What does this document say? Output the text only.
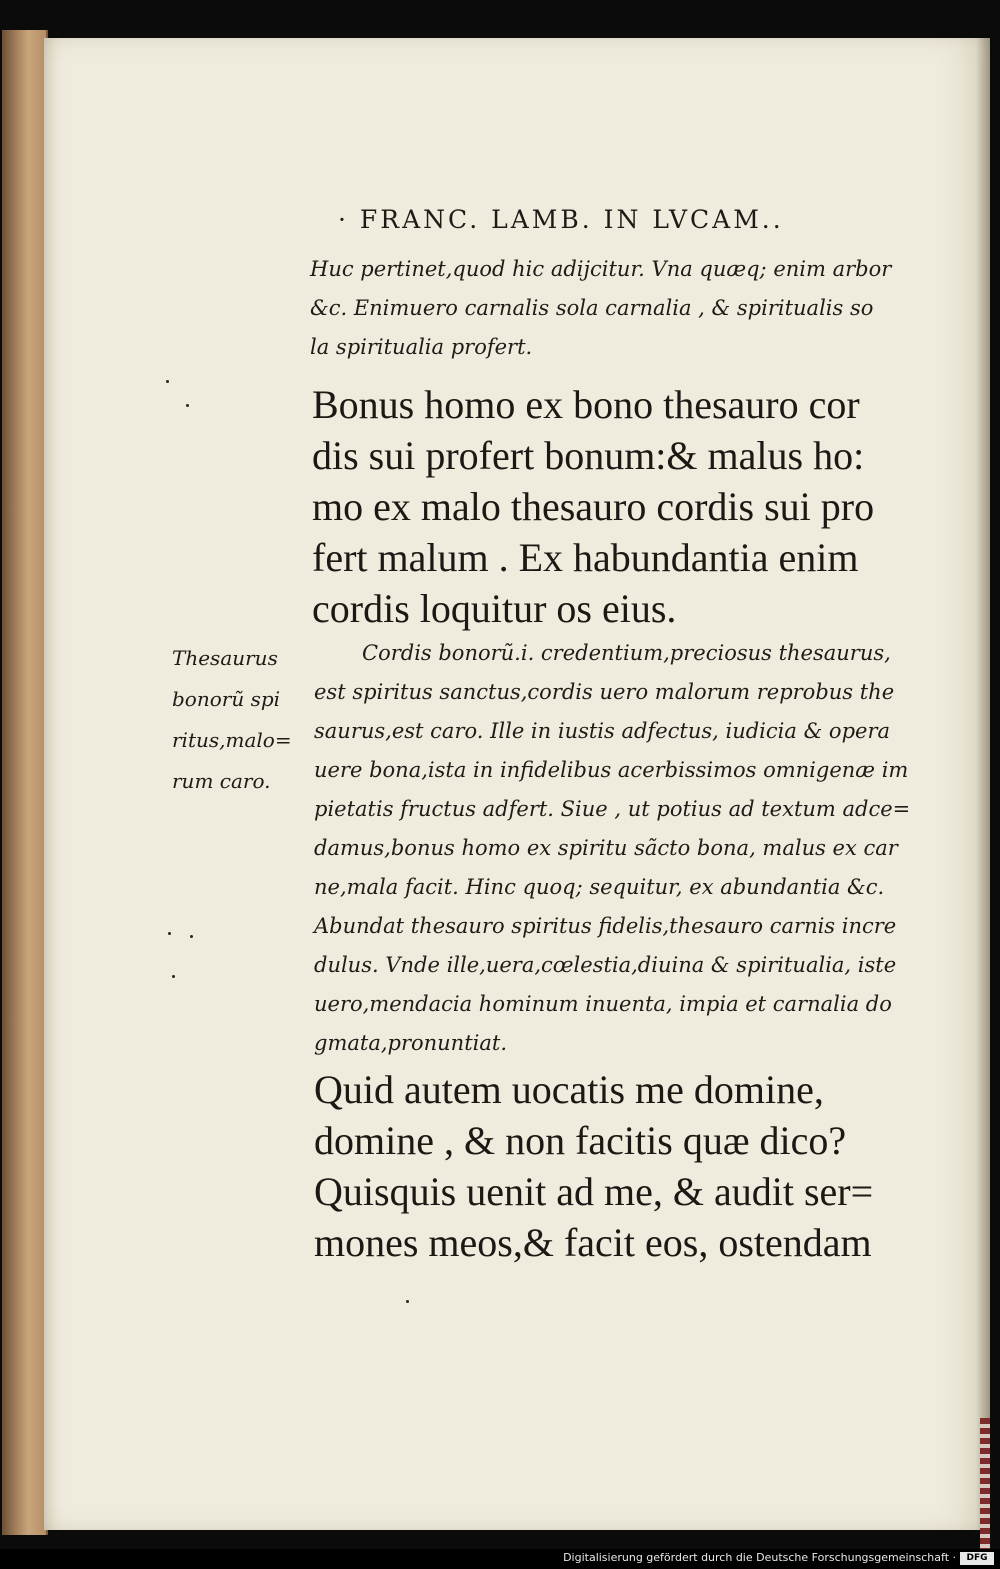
· FRANC. LAMB. IN LVCAM..
Huc pertinet,quod hic adijcitur. Vna quæq; enim arbor
&c. Enimuero carnalis sola carnalia , & spiritualis so
la spiritualia profert.
Bonus homo ex bono thesauro cor
dis sui profert bonum:& malus ho:
mo ex malo thesauro cordis sui pro
fert malum . Ex habundantia enim
cordis loquitur os eius.
Thesaurus
bonorũ spi
ritus,malo=
rum caro.
Cordis bonorũ.i. credentium,preciosus thesaurus,
est spiritus sanctus,cordis uero malorum reprobus the
saurus,est caro. Ille in iustis adfectus, iudicia & opera
uere bona,ista in infidelibus acerbissimos omnigenæ im
pietatis fructus adfert. Siue , ut potius ad textum adce=
damus,bonus homo ex spiritu sãcto bona, malus ex car
ne,mala facit. Hinc quoq; sequitur, ex abundantia &c.
Abundat thesauro spiritus fidelis,thesauro carnis incre
dulus. Vnde ille,uera,cœlestia,diuina & spiritualia, iste
uero,mendacia hominum inuenta, impia et carnalia do
gmata,pronuntiat.
Quid autem uocatis me domine,
domine , & non facitis quæ dico?
Quisquis uenit ad me, & audit ser=
mones meos,& facit eos, ostendam
Digitalisierung gefördert durch die Deutsche Forschungsgemeinschaft ·	DFG
